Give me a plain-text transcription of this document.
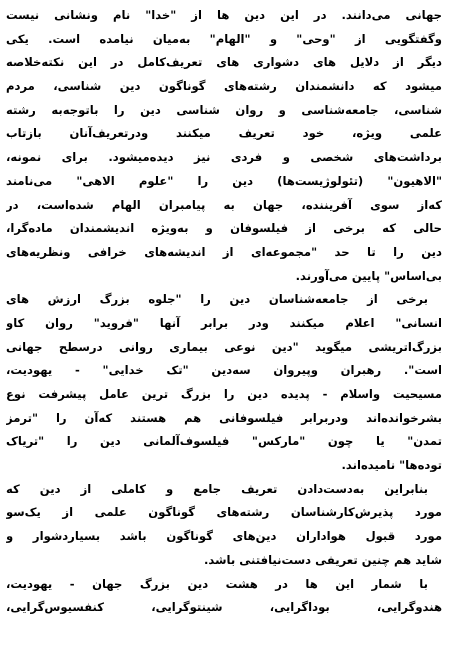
جهانی می‌دانند. در این دین ها از "خدا" نام ونشانی نیست
وگفتگویی از "وحی" و "الهام" به‌میان نیامده است. یکی
دیگر از دلایل های دشواری های تعریف‌کامل در این نکته‌خلاصه
میشود که دانشمندان رشته‌های گوناگون دین شناسی، مردم‌
شناسی، جامعه‌شناسی و روان شناسی دین را باتوجه‌به رشته‌
علمی ویژه، خود تعریف میکنند ودرتعریف‌آنان بازتاب
برداشت‌های شخصی و فردی نیز دیده‌میشود. برای نمونه،
"الاهیون" (تئولوژیست‌ها) دین را "علوم الاهی" می‌نامند
که‌از سوی آفریننده، جهان به پیامبران الهام شده‌است، در
حالی که برخی از فیلسوفان و به‌ویژه اندیشمندان ماده‌گرا،
دین را تا حد "مجموعه‌ای از اندیشه‌های خرافی ونظریه‌های
بی‌اساس" پایین می‌آورند.
برخی از جامعه‌شناسان دین را "جلوه بزرگ ارزش های
انسانی" اعلام میکنند ودر برابر آنها "فروید" روان کاو
بزرگ‌اتریشی میگوید "دین نوعی بیماری روانی درسطح جهانی
است". رهبران وپیروان سه‌دین "تک خدایی" - یهودیت،
مسیحیت واسلام - پدیده دین را بزرگ ترین عامل پیشرفت نوع
بشرخوانده‌اند ودربرابر فیلسوفانی هم هستند که‌آن را "ترمز
تمدن" یا چون "مارکس" فیلسوف‌آلمانی دین را "تریاک
توده‌ها" نامیده‌اند.
بنابراین به‌دست‌دادن تعریف جامع و کاملی از دین که
مورد پذیرش‌کارشناسان رشته‌های گوناگون علمی از یک‌سو
مورد قبول هواداران دین‌های گوناگون باشد بسیاردشوار و
شاید هم چنین تعریفی دست‌نیافتنی باشد.
با شمار این ها در هشت دین بزرگ جهان - یهودیت،
هندوگرایی، بوداگرایی، شینتوگرایی، کنفسیوس‌گرایی،
